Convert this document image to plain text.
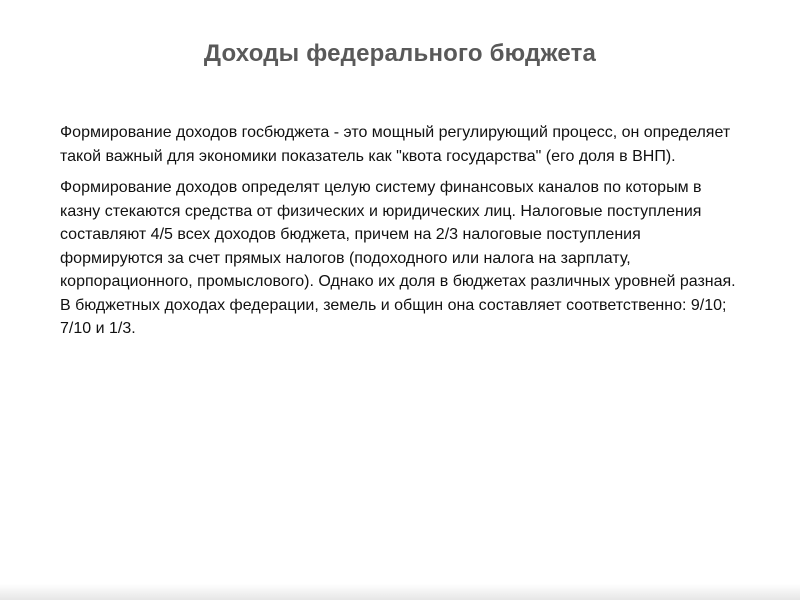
Доходы федерального бюджета

Формирование доходов госбюджета - это мощный регулирующий процесс, он определяет такой важный для экономики показатель как "квота государства" (его доля в ВНП).

Формирование доходов определят целую систему финансовых каналов по которым в казну стекаются средства от физических и юридических лиц. Налоговые поступления составляют 4/5 всех доходов бюджета, причем на 2/3 налоговые поступления формируются за счет прямых налогов (подоходного или налога на зарплату, корпорационного, промыслового). Однако их доля в бюджетах различных уровней разная. В бюджетных доходах федерации, земель и общин она составляет соответственно: 9/10; 7/10 и 1/3.
